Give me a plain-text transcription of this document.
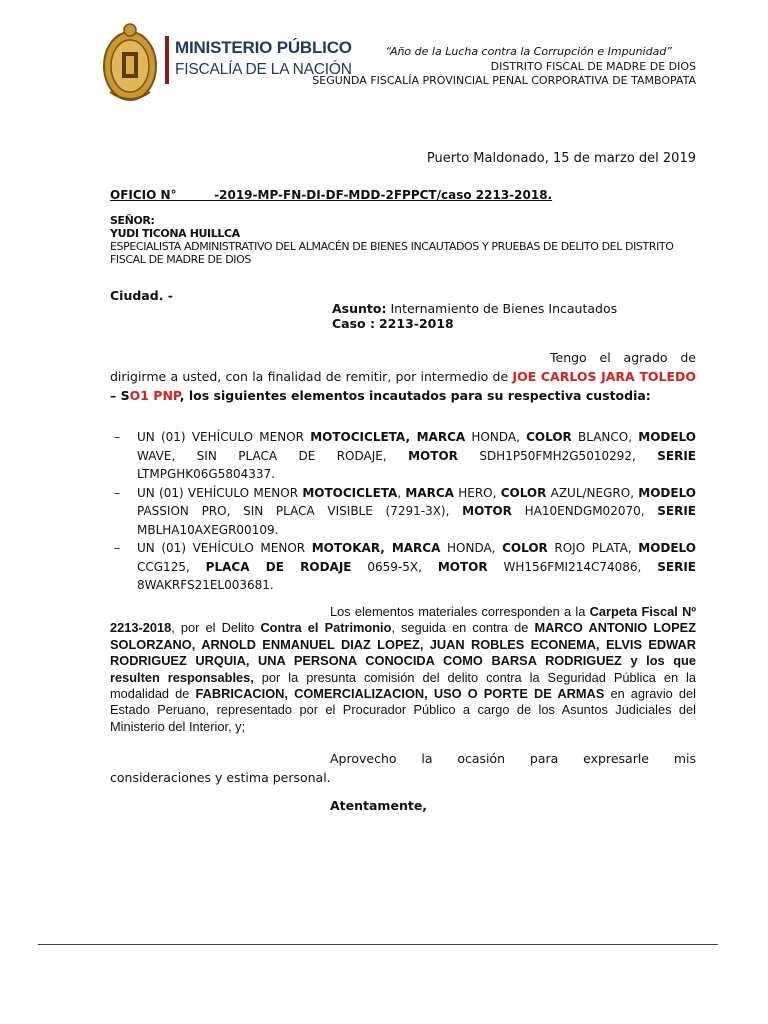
MINISTERIO PÚBLICO
FISCALÍA DE LA NACIÓN
“Año de la Lucha contra la Corrupción e Impunidad”
DISTRITO FISCAL DE MADRE DE DIOS
SEGUNDA FISCALÍA PROVINCIAL PENAL CORPORATIVA DE TAMBOPATA
Puerto Maldonado, 15 de marzo del 2019
OFICIO N°         -2019-MP-FN-DI-DF-MDD-2FPPCT/caso 2213-2018.
SEÑOR:
YUDI TICONA HUILLCA
ESPECIALISTA ADMINISTRATIVO DEL ALMACÉN DE BIENES INCAUTADOS Y PRUEBAS DE DELITO DEL DISTRITO FISCAL DE MADRE DE DIOS
Ciudad. -
Asunto: Internamiento de Bienes Incautados
Caso : 2213-2018
Tengo el agrado de dirigirme a usted, con la finalidad de remitir, por intermedio de JOE CARLOS JARA TOLEDO – SO1 PNP, los siguientes elementos incautados para su respectiva custodia:
– UN (01) VEHÍCULO MENOR MOTOCICLETA, MARCA HONDA, COLOR BLANCO, MODELO WAVE, SIN PLACA DE RODAJE, MOTOR SDH1P50FMH2G5010292, SERIE LTMPGHK06G5804337.
– UN (01) VEHÍCULO MENOR MOTOCICLETA, MARCA HERO, COLOR AZUL/NEGRO, MODELO PASSION PRO, SIN PLACA VISIBLE (7291-3X), MOTOR HA10ENDGM02070, SERIE MBLHA10AXEGR00109.
– UN (01) VEHÍCULO MENOR MOTOKAR, MARCA HONDA, COLOR ROJO PLATA, MODELO CCG125, PLACA DE RODAJE 0659-5X, MOTOR WH156FMI214C74086, SERIE 8WAKRFS21EL003681.
Los elementos materiales corresponden a la Carpeta Fiscal Nº 2213-2018, por el Delito Contra el Patrimonio, seguida en contra de MARCO ANTONIO LOPEZ SOLORZANO, ARNOLD ENMANUEL DIAZ LOPEZ, JUAN ROBLES ECONEMA, ELVIS EDWAR RODRIGUEZ URQUIA, UNA PERSONA CONOCIDA COMO BARSA RODRIGUEZ y los que resulten responsables, por la presunta comisión del delito contra la Seguridad Pública en la modalidad de FABRICACION, COMERCIALIZACION, USO O PORTE DE ARMAS en agravio del Estado Peruano, representado por el Procurador Público a cargo de los Asuntos Judiciales del Ministerio del Interior, y;
Aprovecho la ocasión para expresarle mis consideraciones y estima personal.
Atentamente,
